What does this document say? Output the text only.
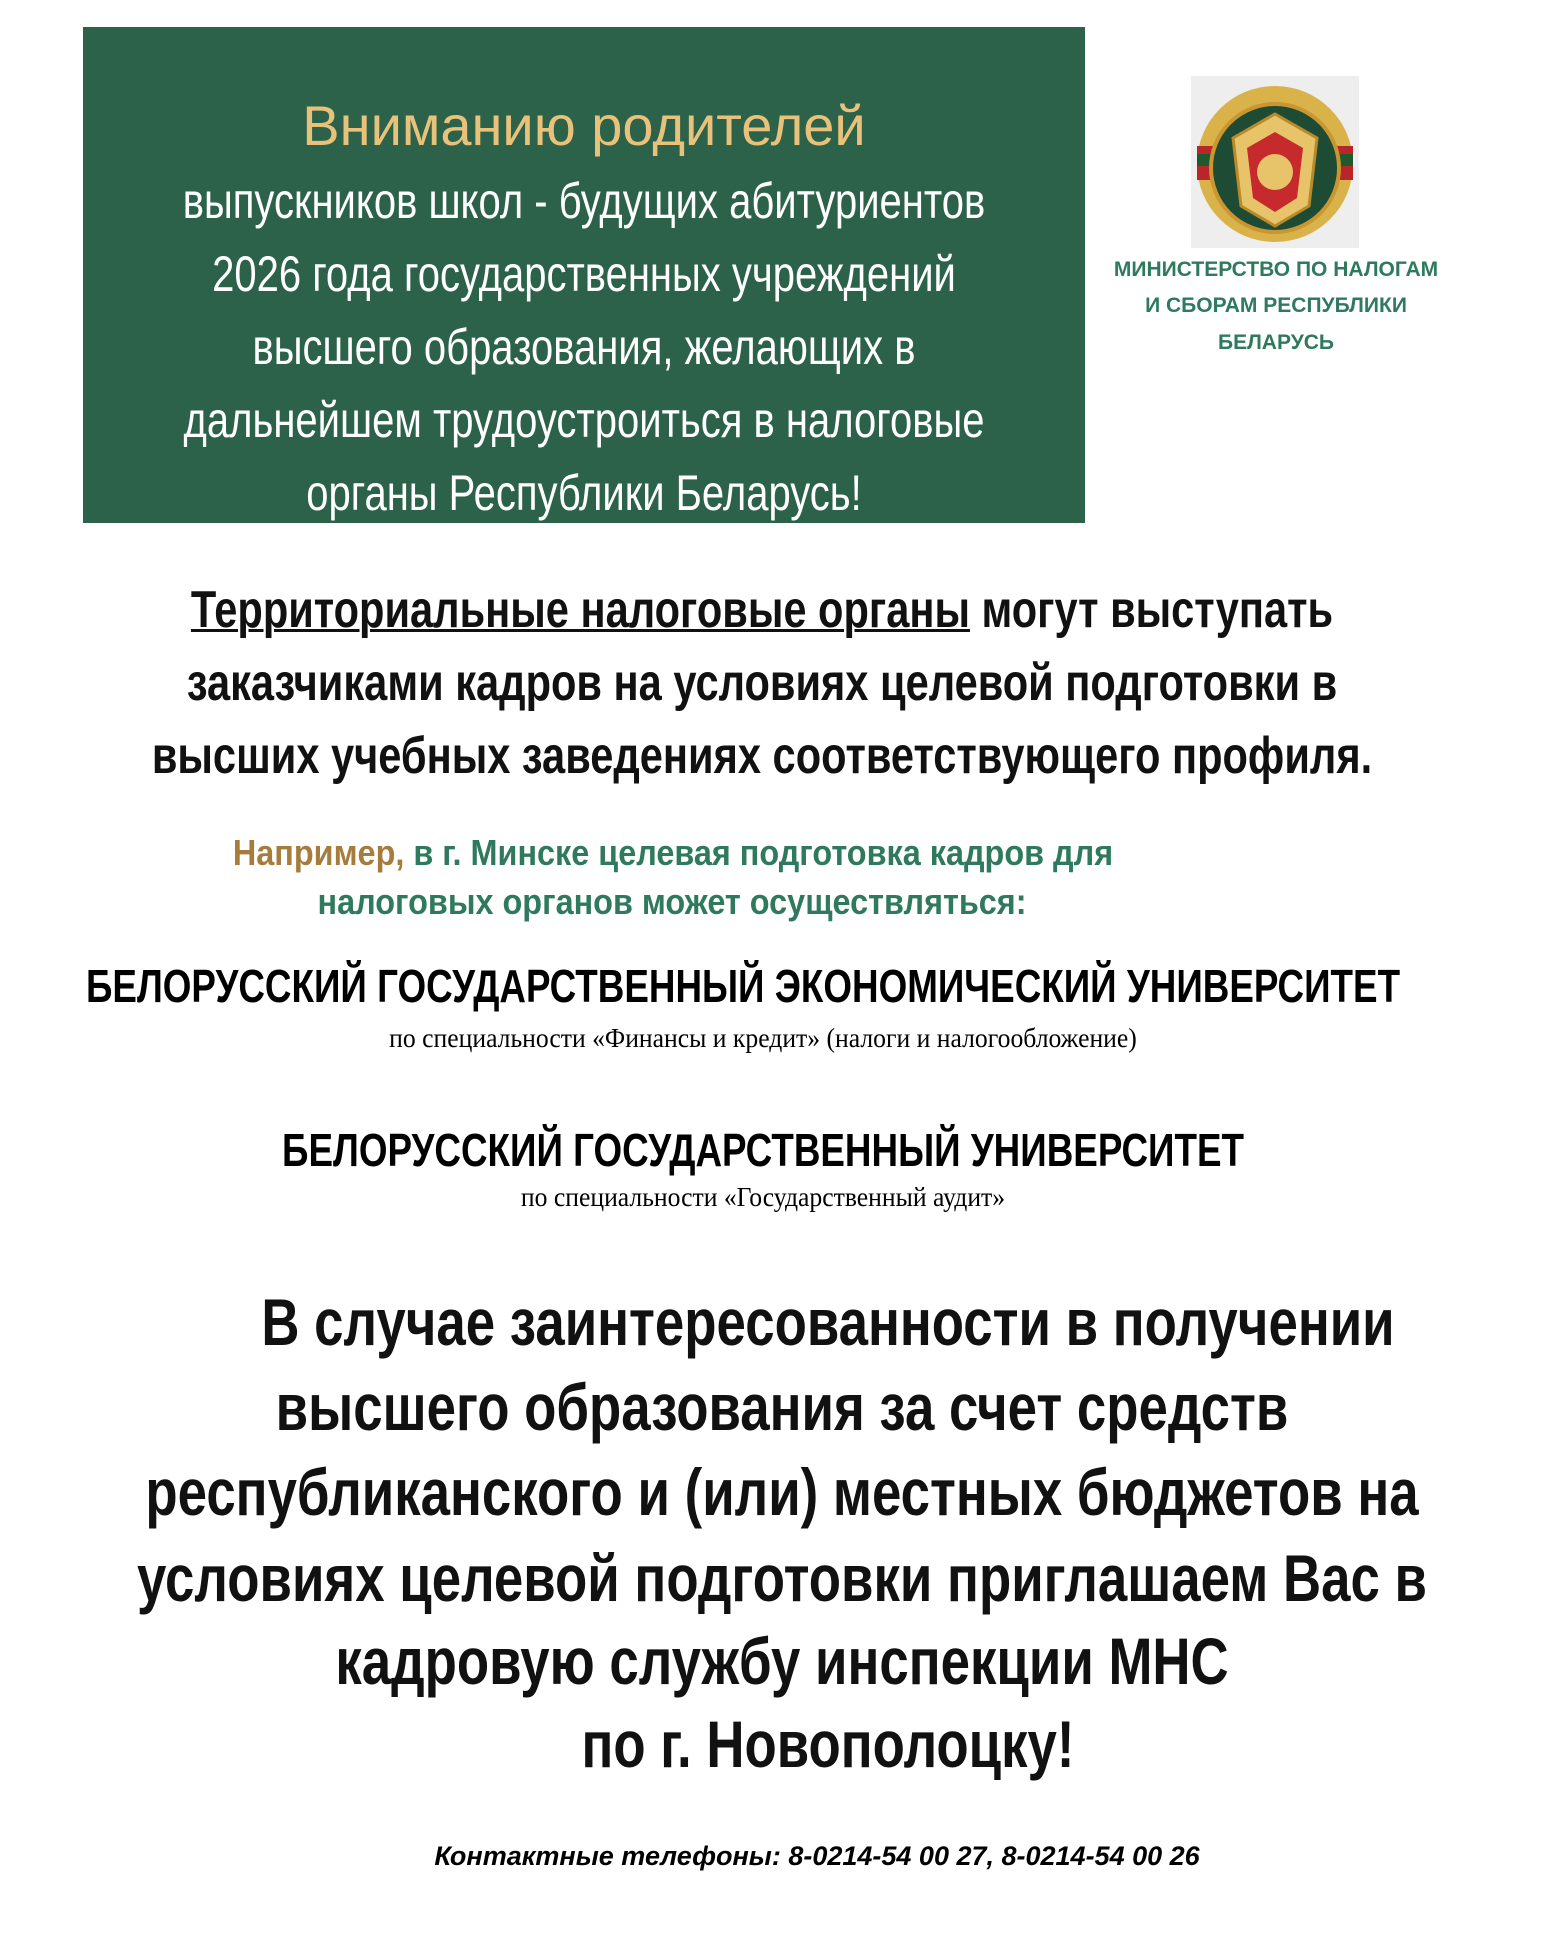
Вниманию родителей
выпускников школ - будущих абитуриентов
2026 года государственных учреждений
высшего образования, желающих в
дальнейшем трудоустроиться в налоговые
органы Республики Беларусь!
МИНИСТЕРСТВО ПО НАЛОГАМ
И СБОРАМ РЕСПУБЛИКИ
БЕЛАРУСЬ
Территориальные налоговые органы могут выступать
заказчиками кадров на условиях целевой подготовки в
высших учебных заведениях соответствующего профиля.
Например, в г. Минске целевая подготовка кадров для
налоговых органов может осуществляться:
БЕЛОРУССКИЙ ГОСУДАРСТВЕННЫЙ ЭКОНОМИЧЕСКИЙ УНИВЕРСИТЕТ
по специальности «Финансы и кредит» (налоги и налогообложение)
БЕЛОРУССКИЙ ГОСУДАРСТВЕННЫЙ УНИВЕРСИТЕТ
по специальности «Государственный аудит»
В случае заинтересованности в получении
высшего образования за счет средств
республиканского и (или) местных бюджетов на
условиях целевой подготовки приглашаем Вас в
кадровую службу инспекции МНС
по г. Новополоцку!
Контактные телефоны: 8-0214-54 00 27, 8-0214-54 00 26
